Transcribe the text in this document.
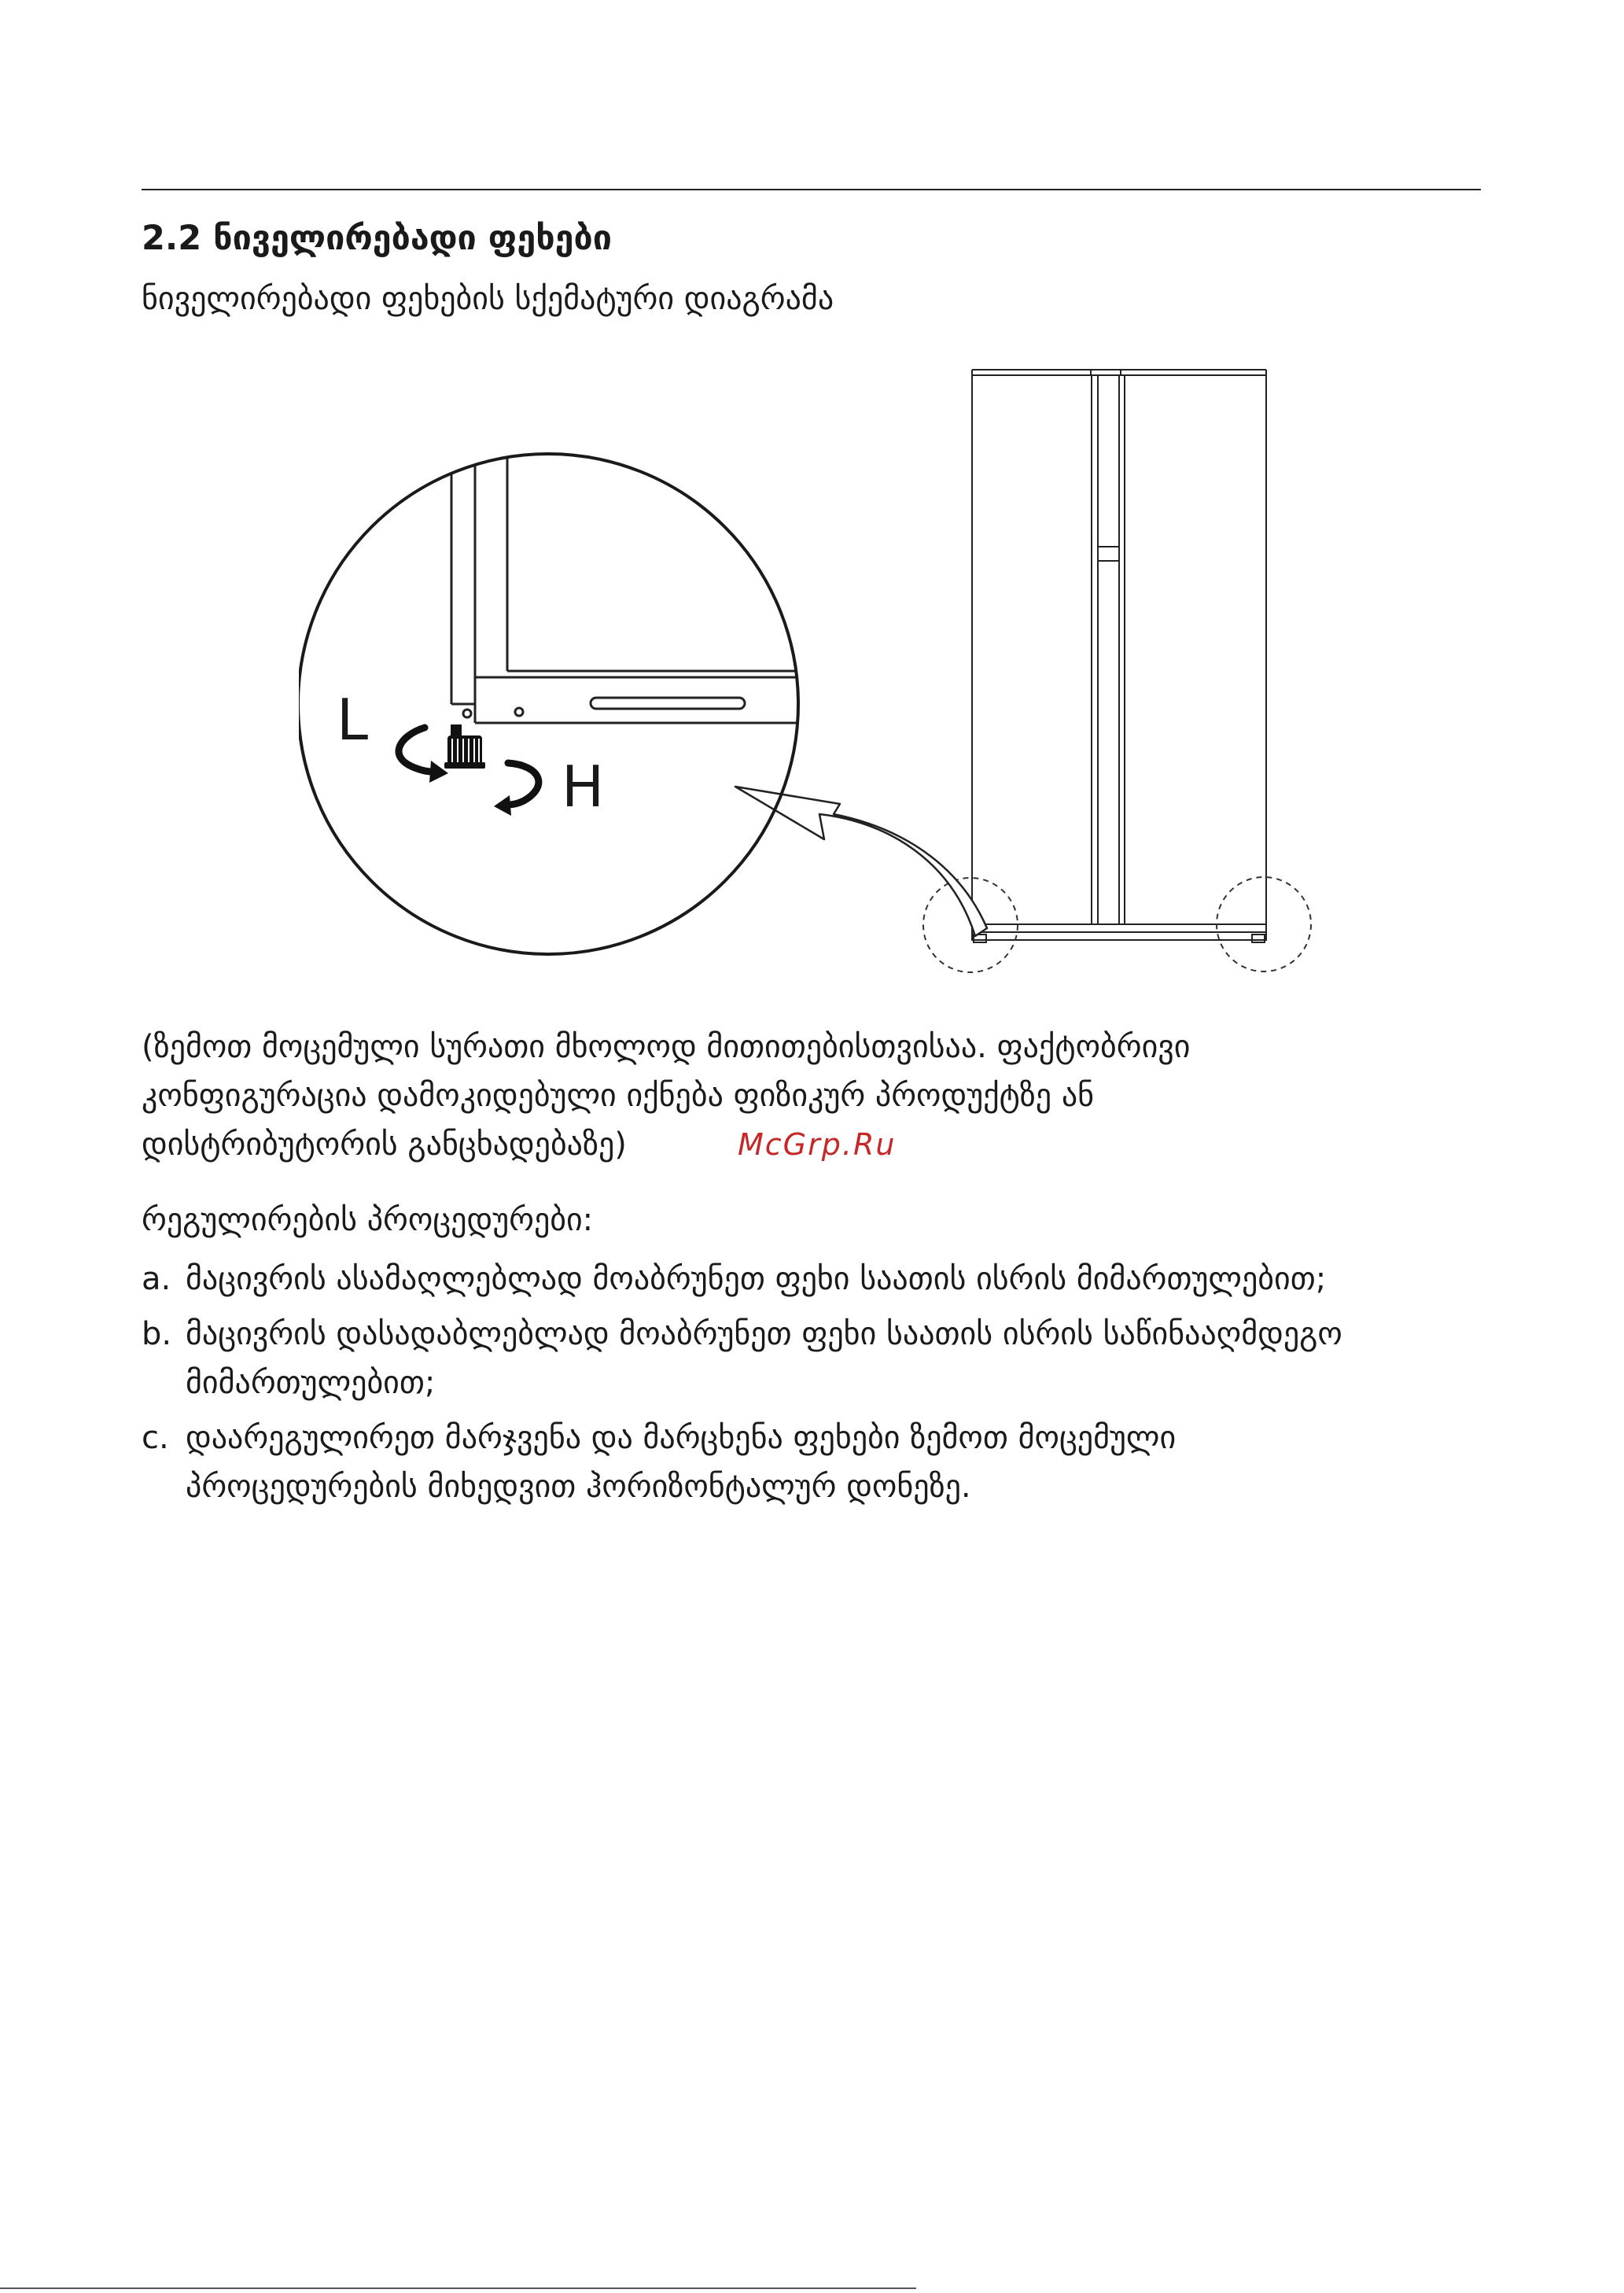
2.2 ნიველირებადი ფეხები

ნიველირებადი ფეხების სქემატური დიაგრამა

L
H

(ზემოთ მოცემული სურათი მხოლოდ მითითებისთვისაა. ფაქტობრივი
კონფიგურაცია დამოკიდებული იქნება ფიზიკურ პროდუქტზე ან
დისტრიბუტორის განცხადებაზე)	McGrp.Ru

რეგულირების პროცედურები:

a. მაცივრის ასამაღლებლად მოაბრუნეთ ფეხი საათის ისრის მიმართულებით;
b. მაცივრის დასადაბლებლად მოაბრუნეთ ფეხი საათის ისრის საწინააღმდეგო
მიმართულებით;
c. დაარეგულირეთ მარჯვენა და მარცხენა ფეხები ზემოთ მოცემული
პროცედურების მიხედვით ჰორიზონტალურ დონეზე.
